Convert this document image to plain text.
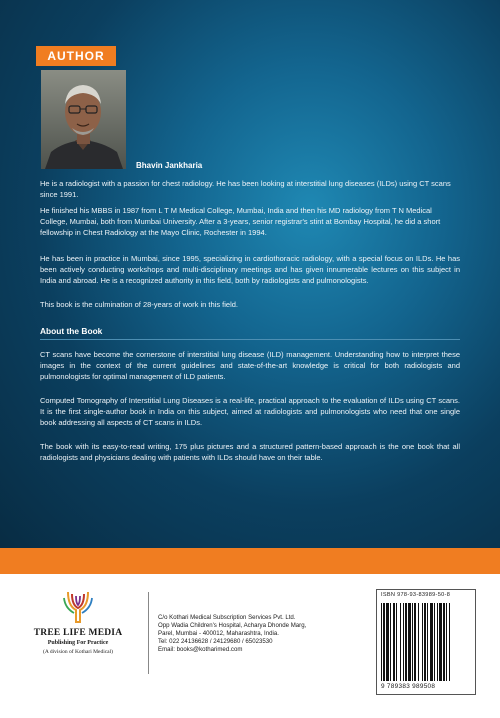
AUTHOR
Bhavin Jankharia

He is a radiologist with a passion for chest radiology. He has been looking at interstitial lung diseases (ILDs) using CT scans since 1991.

He finished his MBBS in 1987 from L T M Medical College, Mumbai, India and then his MD radiology from T N Medical College, Mumbai, both from Mumbai University. After a 3-years, senior registrar's stint at Bombay Hospital, he did a short fellowship in Chest Radiology at the Mayo Clinic, Rochester in 1994.

He has been in practice in Mumbai, since 1995, specializing in cardiothoracic radiology, with a special focus on ILDs. He has been actively conducting workshops and multi-disciplinary meetings and has given innumerable lectures on this subject in India and abroad. He is a recognized authority in this field, both by radiologists and pulmonologists.

This book is the culmination of 28-years of work in this field.

About the Book

CT scans have become the cornerstone of interstitial lung disease (ILD) management. Understanding how to interpret these images in the context of the current guidelines and state-of-the-art knowledge is critical for both radiologists and pulmonologists for optimal management of ILD patients.

Computed Tomography of Interstitial Lung Diseases is a real-life, practical approach to the evaluation of ILDs using CT scans. It is the first single-author book in India on this subject, aimed at radiologists and pulmonologists who need that one single book addressing all aspects of CT scans in ILDs.

The book with its easy-to-read writing, 175 plus pictures and a structured pattern-based approach is the one book that all radiologists and physicians dealing with patients with ILDs should have on their table.

TREE LIFE MEDIA
Publishing For Practice
(A division of Kothari Medical)
C/o Kothari Medical Subscription Services Pvt. Ltd.
Opp Wadia Children's Hospital, Acharya Dhonde Marg,
Parel, Mumbai - 400012, Maharashtra, India.
Tel: 022 24136628 / 24129680 / 65023530
Email: books@kotharimed.com
ISBN 978-93-83989-50-8
9 789383 989508
